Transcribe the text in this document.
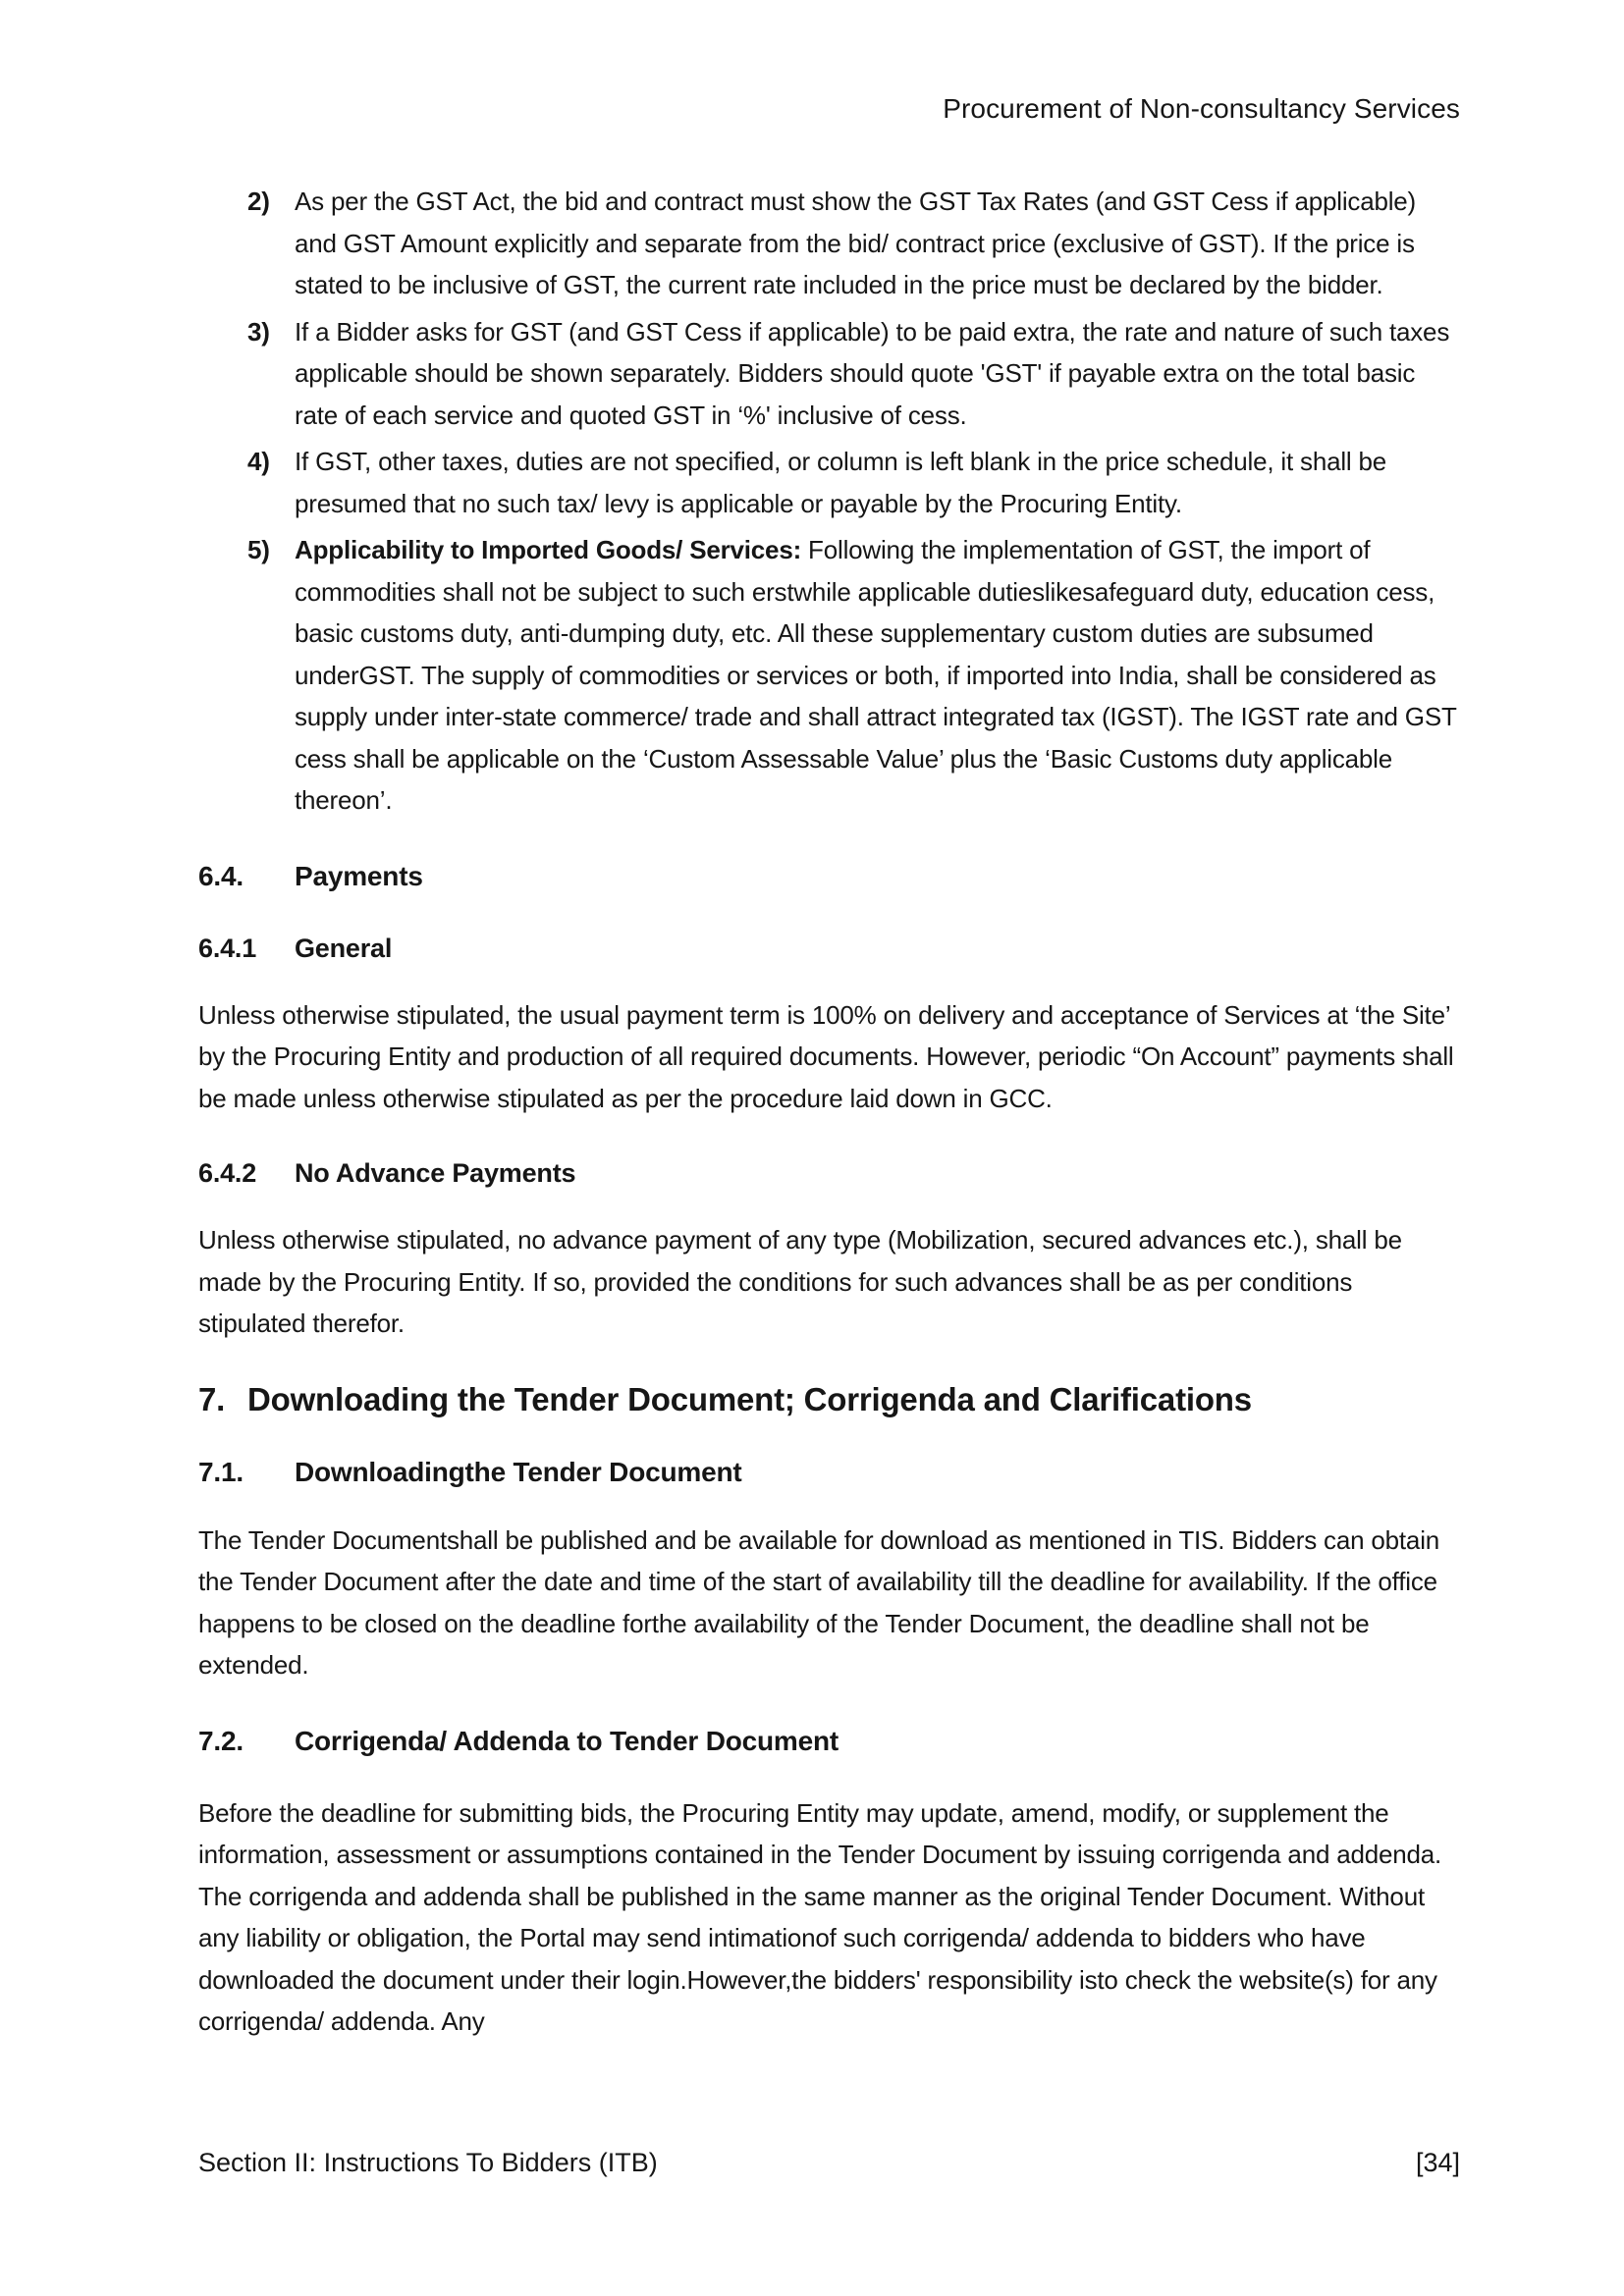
Procurement of Non-consultancy Services
2) As per the GST Act, the bid and contract must show the GST Tax Rates (and GST Cess if applicable) and GST Amount explicitly and separate from the bid/ contract price (exclusive of GST). If the price is stated to be inclusive of GST, the current rate included in the price must be declared by the bidder.
3) If a Bidder asks for GST (and GST Cess if applicable) to be paid extra, the rate and nature of such taxes applicable should be shown separately. Bidders should quote 'GST' if payable extra on the total basic rate of each service and quoted GST in ‘%' inclusive of cess.
4) If GST, other taxes, duties are not specified, or column is left blank in the price schedule, it shall be presumed that no such tax/ levy is applicable or payable by the Procuring Entity.
5) Applicability to Imported Goods/ Services: Following the implementation of GST, the import of commodities shall not be subject to such erstwhile applicable dutieslikesafeguard duty, education cess, basic customs duty, anti-dumping duty, etc. All these supplementary custom duties are subsumed underGST. The supply of commodities or services or both, if imported into India, shall be considered as supply under inter-state commerce/ trade and shall attract integrated tax (IGST). The IGST rate and GST cess shall be applicable on the ‘Custom Assessable Value’ plus the ‘Basic Customs duty applicable thereon’.
6.4. Payments
6.4.1 General

Unless otherwise stipulated, the usual payment term is 100% on delivery and acceptance of Services at ‘the Site’ by the Procuring Entity and production of all required documents. However, periodic “On Account” payments shall be made unless otherwise stipulated as per the procedure laid down in GCC.

6.4.2 No Advance Payments

Unless otherwise stipulated, no advance payment of any type (Mobilization, secured advances etc.), shall be made by the Procuring Entity. If so, provided the conditions for such advances shall be as per conditions stipulated therefor.

7. Downloading the Tender Document; Corrigenda and Clarifications
7.1. Downloadingthe Tender Document

The Tender Documentshall be published and be available for download as mentioned in TIS. Bidders can obtain the Tender Document after the date and time of the start of availability till the deadline for availability. If the office happens to be closed on the deadline forthe availability of the Tender Document, the deadline shall not be extended.

7.2. Corrigenda/ Addenda to Tender Document

Before the deadline for submitting bids, the Procuring Entity may update, amend, modify, or supplement the information, assessment or assumptions contained in the Tender Document by issuing corrigenda and addenda. The corrigenda and addenda shall be published in the same manner as the original Tender Document. Without any liability or obligation, the Portal may send intimationof such corrigenda/ addenda to bidders who have downloaded the document under their login.However,the bidders' responsibility isto check the website(s) for any corrigenda/ addenda. Any

Section II: Instructions To Bidders (ITB)	[34]
